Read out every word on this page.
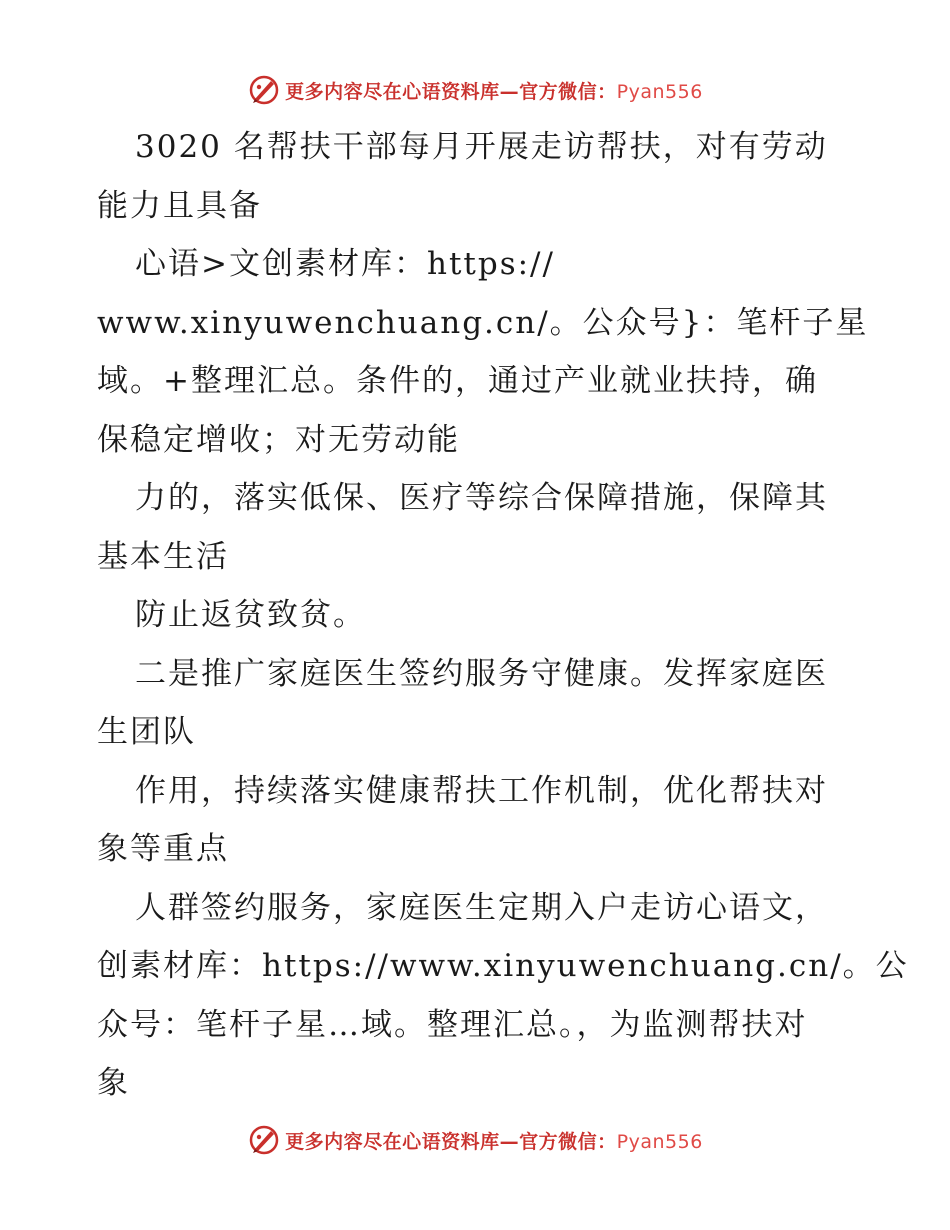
更多内容尽在心语资料库—官方微信：Pyan556
3020 名帮扶干部每月开展走访帮扶，对有劳动
能力且具备
心语>文创素材库：https://
www.xinyuwenchuang.cn/。公众号}：笔杆子星
域。+整理汇总。条件的，通过产业就业扶持，确
保稳定增收；对无劳动能
力的，落实低保、医疗等综合保障措施，保障其
基本生活
防止返贫致贫。
二是推广家庭医生签约服务守健康。发挥家庭医
生团队
作用，持续落实健康帮扶工作机制，优化帮扶对
象等重点
人群签约服务，家庭医生定期入户走访心语文，
创素材库：https://www.xinyuwenchuang.cn/。公
众号：笔杆子星…域。整理汇总。，为监测帮扶对
象
更多内容尽在心语资料库—官方微信：Pyan556
